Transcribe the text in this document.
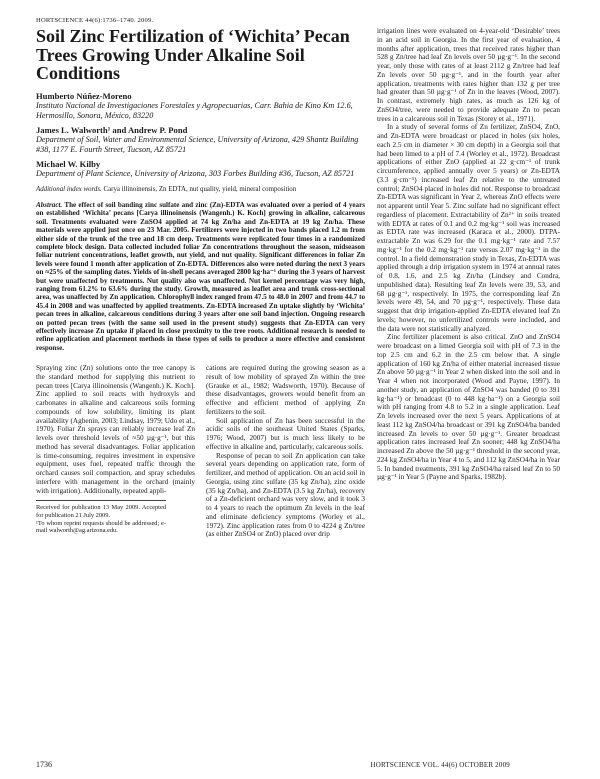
HORTSCIENCE 44(6):1736–1740. 2009.
Soil Zinc Fertilization of ‘Wichita’ Pecan Trees Growing Under Alkaline Soil Conditions
Humberto Núñez-Moreno
Instituto Nacional de Investigaciones Forestales y Agropecuarias, Carr. Bahia de Kino Km 12.6, Hermosillo, Sonora, México, 83220
James L. Walworth¹ and Andrew P. Pond
Department of Soil, Water and Environmental Science, University of Arizona, 429 Shantz Building #38, 1177 E. Fourth Street, Tucson, AZ 85721
Michael W. Kilby
Department of Plant Science, University of Arizona, 303 Forbes Building #36, Tucson, AZ 85721
Additional index words. Carya illinoinensis, Zn EDTA, nut quality, yield, mineral composition
Abstract. The effect of soil banding zinc sulfate and zinc (Zn)-EDTA was evaluated over a period of 4 years on established ‘Wichita’ pecans [Carya illinoinensis (Wangenh.) K. Koch] growing in alkaline, calcareous soil. Treatments evaluated were ZnSO4 applied at 74 kg Zn/ha and Zn-EDTA at 19 kg Zn/ha. These materials were applied just once on 23 Mar. 2005. Fertilizers were injected in two bands placed 1.2 m from either side of the trunk of the tree and 18 cm deep. Treatments were replicated four times in a randomized complete block design. Data collected included foliar Zn concentrations throughout the season, midseason foliar nutrient concentrations, leaflet growth, nut yield, and nut quality. Significant differences in foliar Zn levels were found 1 month after application of Zn-EDTA. Differences also were noted during the next 3 years on ≈25% of the sampling dates. Yields of in-shell pecans averaged 2800 kg·ha⁻¹ during the 3 years of harvest but were unaffected by treatments. Nut quality also was unaffected. Nut kernel percentage was very high, ranging from 61.2% to 63.6% during the study. Growth, measured as leaflet area and trunk cross-sectional area, was unaffected by Zn application. Chlorophyll index ranged from 47.5 to 48.0 in 2007 and from 44.7 to 45.4 in 2008 and was unaffected by applied treatments. Zn-EDTA increased Zn uptake slightly by ‘Wichita’ pecan trees in alkaline, calcareous conditions during 3 years after one soil band injection. Ongoing research on potted pecan trees (with the same soil used in the present study) suggests that Zn-EDTA can very effectively increase Zn uptake if placed in close proximity to the tree roots. Additional research is needed to refine application and placement methods in these types of soils to produce a more effective and consistent response.

Spraying zinc (Zn) solutions onto the tree canopy is the standard method for supplying this nutrient to pecan trees [Carya illinoinensis (Wangenh.) K. Koch]. Zinc applied to soil reacts with hydroxyls and carbonates in alkaline and calcareous soils forming compounds of low solubility, limiting its plant availability (Agbenin, 2003; Lindsay, 1979; Udo et al., 1970). Foliar Zn sprays can reliably increase leaf Zn levels over threshold levels of ≈50 µg·g⁻¹, but this method has several disadvantages. Foliar application is time-consuming, requires investment in expensive equipment, uses fuel, repeated traffic through the orchard causes soil compaction, and spray schedules interfere with management in the orchard (mainly with irrigation). Additionally, repeated appli-

Received for publication 13 May 2009. Accepted for publication 21 July 2009.
¹To whom reprint requests should be addressed; e-mail walworth@ag.arizona.edu.

cations are required during the growing season as a result of low mobility of sprayed Zn within the tree (Grauke et al., 1982; Wadsworth, 1970). Because of these disadvantages, growers would benefit from an effective and efficient method of applying Zn fertilizers to the soil.

Soil application of Zn has been successful in the acidic soils of the southeast United States (Sparks, 1976; Wood, 2007) but is much less likely to be effective in alkaline and, particularly, calcareous soils.

Response of pecan to soil Zn application can take several years depending on application rate, form of fertilizer, and method of application. On an acid soil in Georgia, using zinc sulfate (35 kg Zn/ha), zinc oxide (35 kg Zn/ha), and Zn-EDTA (3.5 kg Zn/ha), recovery of a Zn-deficient orchard was very slow, and it took 3 to 4 years to reach the optimum Zn levels in the leaf and eliminate deficiency symptoms (Worley et al., 1972). Zinc application rates from 0 to 4224 g Zn/tree (as either ZnSO4 or ZnO) placed over drip

irrigation lines were evaluated on 4-year-old ‘Desirable’ trees in an acid soil in Georgia. In the first year of evaluation, 4 months after application, trees that received rates higher than 528 g Zn/tree had leaf Zn levels over 50 µg·g⁻¹. In the second year, only those with rates of at least 2112 g Zn/tree had leaf Zn levels over 50 µg·g⁻¹, and in the fourth year after application, treatments with rates higher than 132 g per tree had greater than 50 µg·g⁻¹ of Zn in the leaves (Wood, 2007). In contrast, extremely high rates, as much as 126 kg of ZnSO4/tree, were needed to provide adequate Zn to pecan trees in a calcareous soil in Texas (Storey et al., 1971).

In a study of several forms of Zn fertilizer, ZnSO4, ZnO, and Zn-EDTA were broadcast or placed in holes (six holes, each 2.5 cm in diameter × 30 cm depth) in a Georgia soil that had been limed to a pH of 7.4 (Worley et al., 1972). Broadcast applications of either ZnO (applied at 22 g·cm⁻¹ of trunk circumference, applied annually over 5 years) or Zn-EDTA (3.3 g·cm⁻¹) increased leaf Zn relative to the untreated control; ZnSO4 placed in holes did not. Response to broadcast Zn-EDTA was significant in Year 2, whereas ZnO effects were not apparent until Year 5. Zinc sulfate had no significant effect regardless of placement. Extractability of Zn²⁺ in soils treated with EDTA at rates of 0.1 and 0.2 mg·kg⁻¹ soil was increased as EDTA rate was increased (Karaca et al., 2000). DTPA-extractable Zn was 6.29 for the 0.1 mg·kg⁻¹ rate and 7.57 mg·kg⁻¹ for the 0.2 mg·kg⁻¹ rate versus 2.07 mg·kg⁻¹ in the control. In a field demonstration study in Texas, Zn-EDTA was applied through a drip irrigation system in 1974 at annual rates of 0.8, 1.6, and 2.5 kg Zn/ha (Lindsey and Condra, unpublished data). Resulting leaf Zn levels were 39, 53, and 68 µg·g⁻¹, respectively. In 1975, the corresponding leaf Zn levels were 49, 54, and 70 µg·g⁻¹, respectively. These data suggest that drip irrigation-applied Zn-EDTA elevated leaf Zn levels; however, no unfertilized controls were included, and the data were not statistically analyzed.

Zinc fertilizer placement is also critical. ZnO and ZnSO4 were broadcast on a limed Georgia soil with pH of 7.3 in the top 2.5 cm and 6.2 in the 2.5 cm below that. A single application of 160 kg Zn/ha of either material increased tissue Zn above 50 µg·g⁻¹ in Year 2 when disked into the soil and in Year 4 when not incorporated (Wood and Payne, 1997). In another study, an application of ZnSO4 was banded (0 to 391 kg·ha⁻¹) or broadcast (0 to 448 kg·ha⁻¹) on a Georgia soil with pH ranging from 4.8 to 5.2 in a single application. Leaf Zn levels increased over the next 5 years. Applications of at least 112 kg ZnSO4/ha broadcast or 391 kg ZnSO4/ha banded increased Zn levels to over 50 µg·g⁻¹. Greater broadcast application rates increased leaf Zn sooner; 448 kg ZnSO4/ha increased Zn above the 50 µg·g⁻¹ threshold in the second year, 224 kg ZnSO4/ha in Year 4 to 5, and 112 kg ZnSO4/ha in Year 5. In banded treatments, 391 kg ZnSO4/ha raised leaf Zn to 50 µg·g⁻¹ in Year 5 (Payne and Sparks, 1982b).

1736	HORTSCIENCE VOL. 44(6) OCTOBER 2009
